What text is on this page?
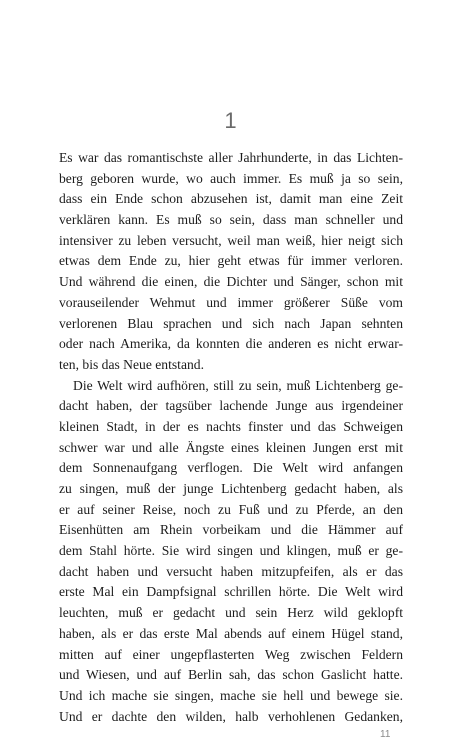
1

Es war das romantischste aller Jahrhunderte, in das Lichten-
berg geboren wurde, wo auch immer. Es muß ja so sein,
dass ein Ende schon abzusehen ist, damit man eine Zeit
verklären kann. Es muß so sein, dass man schneller und
intensiver zu leben versucht, weil man weiß, hier neigt sich
etwas dem Ende zu, hier geht etwas für immer verloren.
Und während die einen, die Dichter und Sänger, schon mit
vorauseilender Wehmut und immer größerer Süße vom
verlorenen Blau sprachen und sich nach Japan sehnten
oder nach Amerika, da konnten die anderen es nicht erwar-
ten, bis das Neue entstand.

Die Welt wird aufhören, still zu sein, muß Lichtenberg ge-
dacht haben, der tagsüber lachende Junge aus irgendeiner
kleinen Stadt, in der es nachts finster und das Schweigen
schwer war und alle Ängste eines kleinen Jungen erst mit
dem Sonnenaufgang verflogen. Die Welt wird anfangen
zu singen, muß der junge Lichtenberg gedacht haben, als
er auf seiner Reise, noch zu Fuß und zu Pferde, an den
Eisenhütten am Rhein vorbeikam und die Hämmer auf
dem Stahl hörte. Sie wird singen und klingen, muß er ge-
dacht haben und versucht haben mitzupfeifen, als er das
erste Mal ein Dampfsignal schrillen hörte. Die Welt wird
leuchten, muß er gedacht und sein Herz wild geklopft
haben, als er das erste Mal abends auf einem Hügel stand,
mitten auf einer ungepflasterten Weg zwischen Feldern
und Wiesen, und auf Berlin sah, das schon Gaslicht hatte.
Und ich mache sie singen, mache sie hell und bewege sie.
Und er dachte den wilden, halb verhohlenen Gedanken,

11
